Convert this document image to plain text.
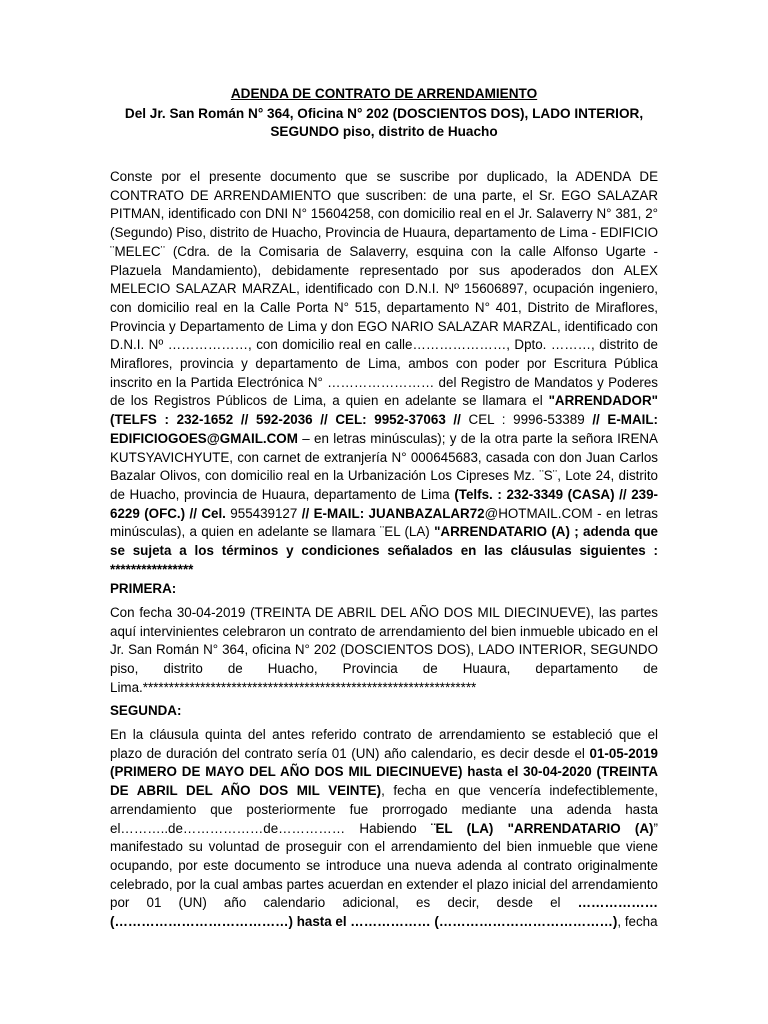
ADENDA DE CONTRATO DE ARRENDAMIENTO
Del Jr. San Román N° 364, Oficina N° 202 (DOSCIENTOS DOS), LADO INTERIOR,
SEGUNDO piso, distrito de Huacho
Conste por el presente documento que se suscribe por duplicado, la ADENDA DE CONTRATO DE ARRENDAMIENTO que suscriben: de una parte, el Sr. EGO SALAZAR PITMAN, identificado con DNI N° 15604258, con domicilio real en el Jr. Salaverry N° 381, 2° (Segundo) Piso, distrito de Huacho, Provincia de Huaura, departamento de Lima - EDIFICIO ¨MELEC¨ (Cdra. de la Comisaria de Salaverry, esquina con la calle Alfonso Ugarte - Plazuela Mandamiento), debidamente representado por sus apoderados don ALEX MELECIO SALAZAR MARZAL, identificado con D.N.I. Nº 15606897, ocupación ingeniero, con domicilio real en la Calle Porta N° 515, departamento N° 401, Distrito de Miraflores, Provincia y Departamento de Lima y don EGO NARIO SALAZAR MARZAL, identificado con D.N.I. Nº ………………, con domicilio real en calle…………………, Dpto. ………, distrito de Miraflores, provincia y departamento de Lima, ambos con poder por Escritura Pública inscrito en la Partida Electrónica N° …………………… del Registro de Mandatos y Poderes de los Registros Públicos de Lima, a quien en adelante se llamara el "ARRENDADOR" (TELFS : 232-1652 // 592-2036 // CEL: 9952-37063 // CEL : 9996-53389 // E-MAIL: EDIFICIOGOES@GMAIL.COM – en letras minúsculas); y de la otra parte la señora IRENA KUTSYAVICHYUTE, con carnet de extranjería N° 000645683, casada con don Juan Carlos Bazalar Olivos, con domicilio real en la Urbanización Los Cipreses Mz. ¨S¨, Lote 24, distrito de Huacho, provincia de Huaura, departamento de Lima (Telfs. : 232-3349 (CASA) // 239-6229 (OFC.) // Cel. 955439127 // E-MAIL: JUANBAZALAR72@HOTMAIL.COM - en letras minúsculas), a quien en adelante se llamara ¨EL (LA) "ARRENDATARIO (A) ; adenda que se sujeta a los términos y condiciones señalados en las cláusulas siguientes : ****************
PRIMERA:
Con fecha 30-04-2019 (TREINTA DE ABRIL DEL AÑO DOS MIL DIECINUEVE), las partes aquí intervinientes celebraron un contrato de arrendamiento del bien inmueble ubicado en el Jr. San Román N° 364, oficina N° 202 (DOSCIENTOS DOS), LADO INTERIOR, SEGUNDO piso, distrito de Huacho, Provincia de Huaura, departamento de Lima.****************************************************************
SEGUNDA:
En la cláusula quinta del antes referido contrato de arrendamiento se estableció que el plazo de duración del contrato sería 01 (UN) año calendario, es decir desde el 01-05-2019 (PRIMERO DE MAYO DEL AÑO DOS MIL DIECINUEVE) hasta el 30-04-2020 (TREINTA DE ABRIL DEL AÑO DOS MIL VEINTE), fecha en que vencería indefectiblemente, arrendamiento que posteriormente fue prorrogado mediante una adenda hasta el………..de………………de…………… Habiendo ¨EL (LA) "ARRENDATARIO (A)” manifestado su voluntad de proseguir con el arrendamiento del bien inmueble que viene ocupando, por este documento se introduce una nueva adenda al contrato originalmente celebrado, por la cual ambas partes acuerdan en extender el plazo inicial del arrendamiento por 01 (UN) año calendario adicional, es decir, desde el ……………… (…………………………………) hasta el ……………… (…………………………………), fecha
